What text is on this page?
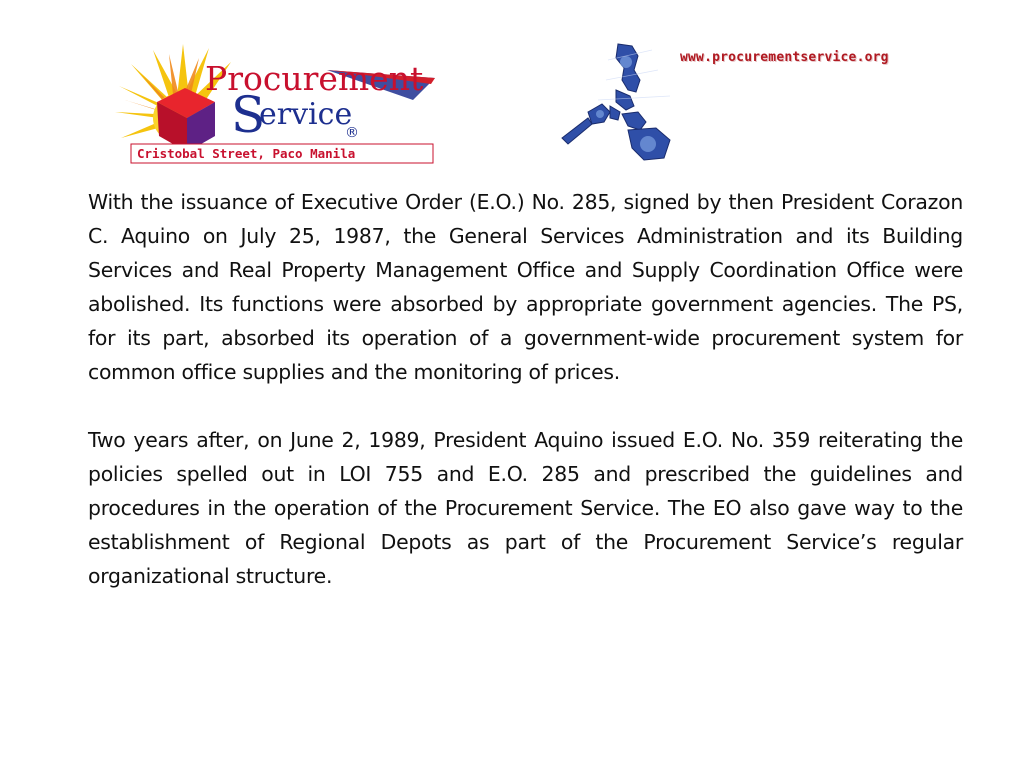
Procurement
S
ervice
®
Cristobal Street, Paco Manila
www.procurementservice.org

With the issuance of Executive Order (E.O.) No. 285, signed by then President Corazon C. Aquino on July 25, 1987, the General Services Administration and its Building Services and Real Property Management Office and Supply Coordination Office were abolished. Its functions were absorbed by appropriate government agencies. The PS, for its part, absorbed its operation of a government-wide procurement system for common office supplies and the monitoring of prices.

Two years after, on June 2, 1989, President Aquino issued E.O. No. 359 reiterating the policies spelled out in LOI 755 and E.O. 285 and prescribed the guidelines and procedures in the operation of the Procurement Service. The EO also gave way to the establishment of Regional Depots as part of the Procurement Service’s regular organizational structure.
